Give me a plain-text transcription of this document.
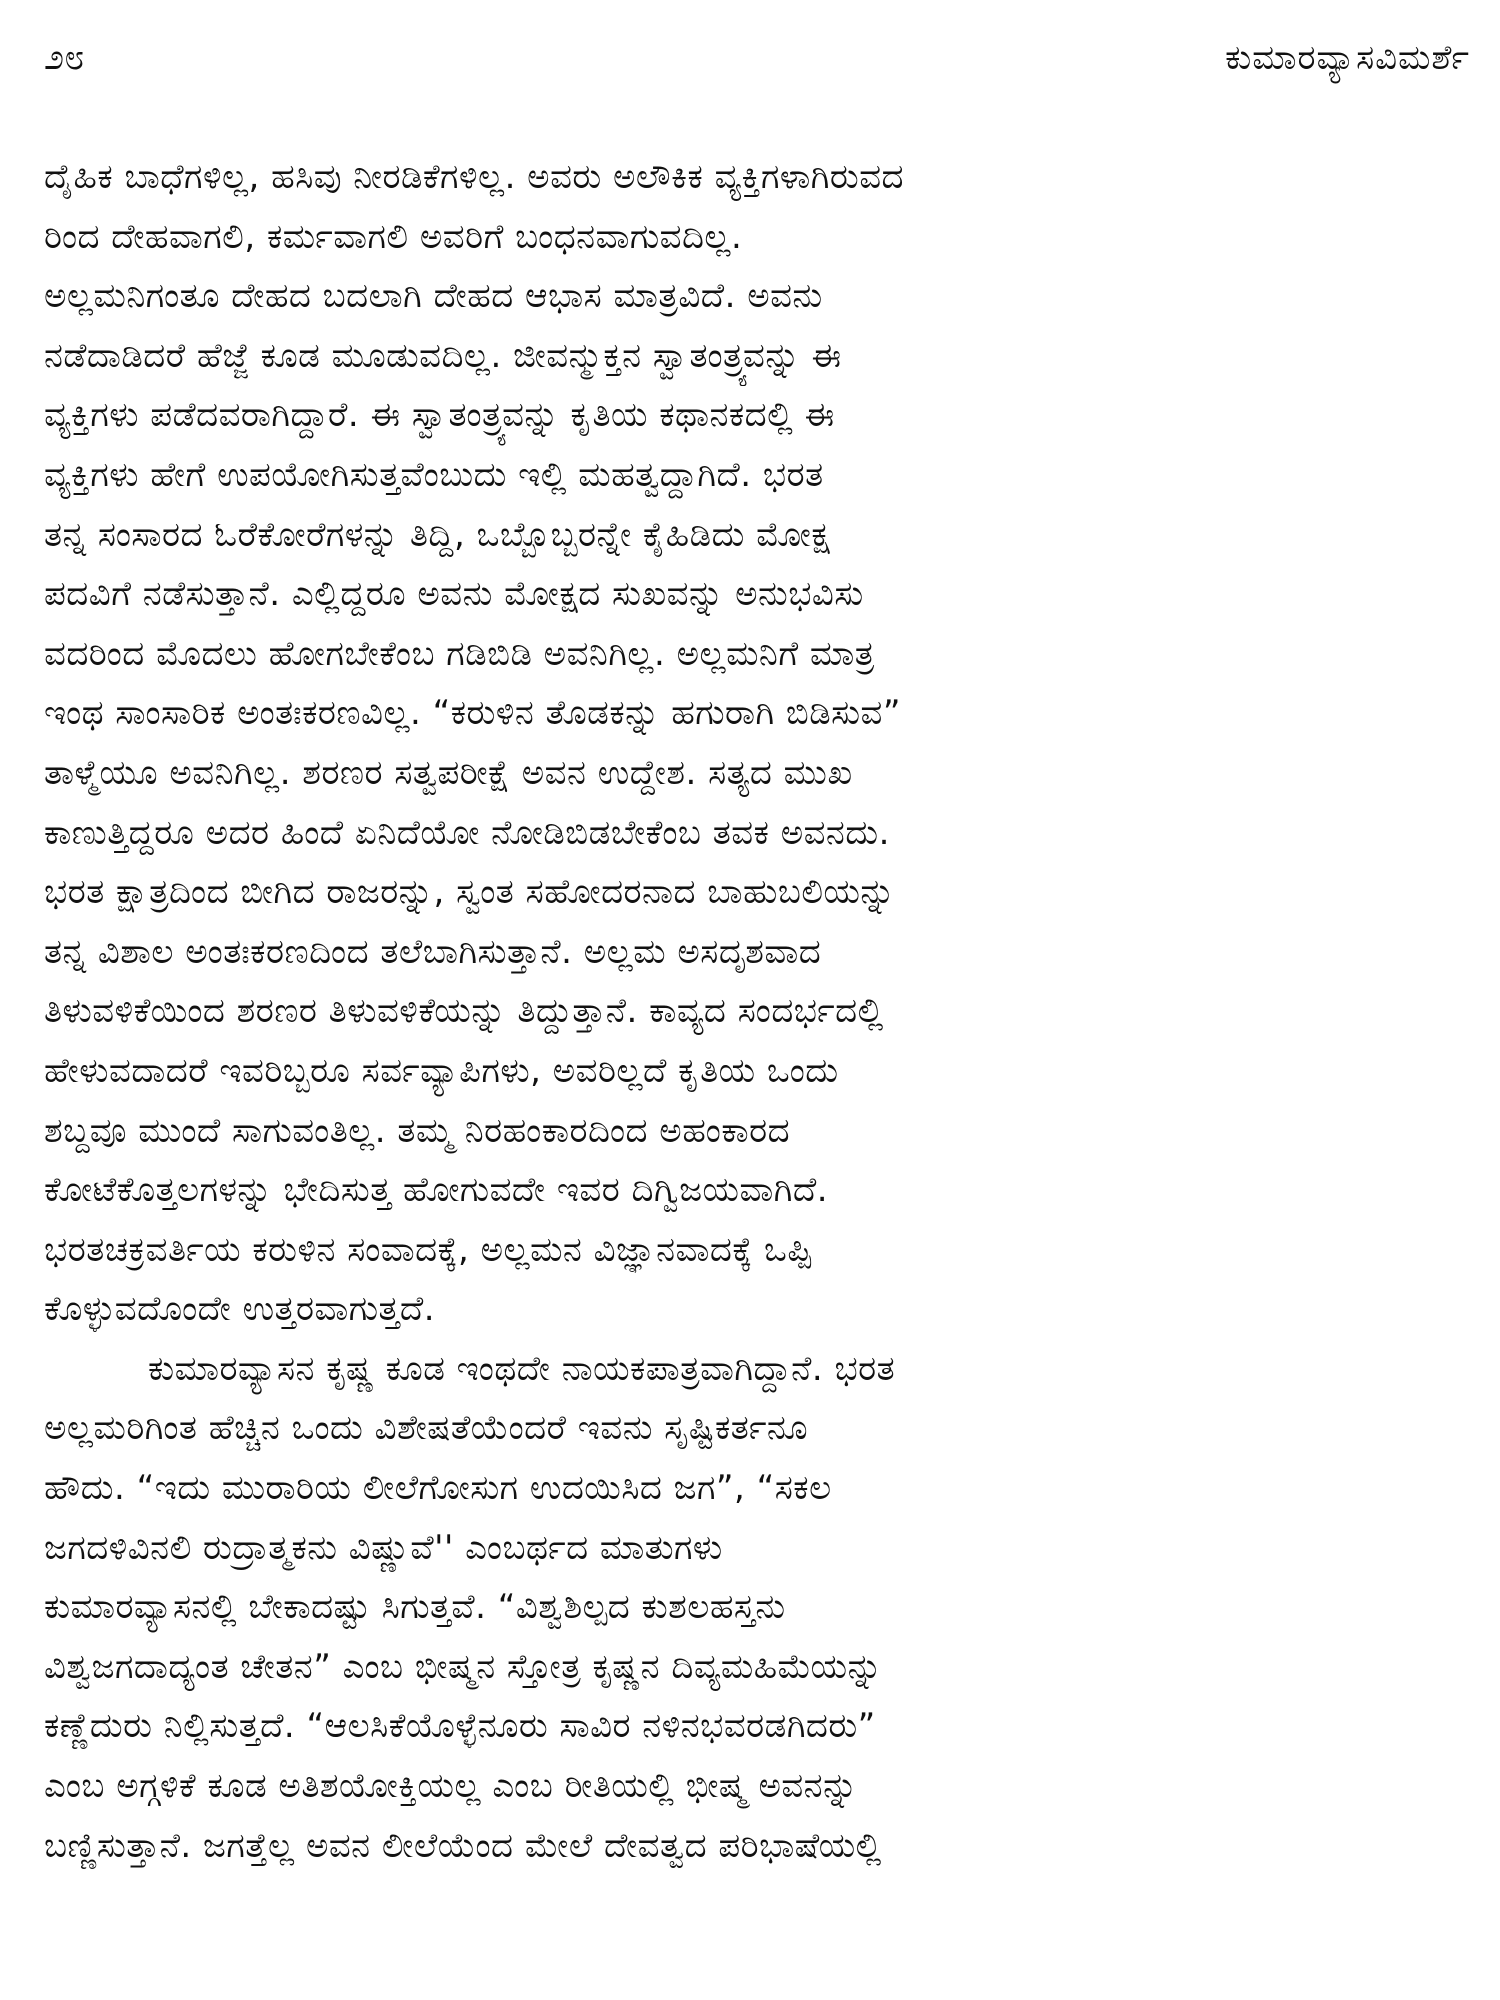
೨೮	ಕುಮಾರವ್ಯಾಸವಿಮರ್ಶೆ
ದೈಹಿಕ ಬಾಧೆಗಳಿಲ್ಲ, ಹಸಿವು ನೀರಡಿಕೆಗಳಿಲ್ಲ. ಅವರು ಅಲೌಕಿಕ ವ್ಯಕ್ತಿಗಳಾಗಿರುವದ
ರಿಂದ ದೇಹವಾಗಲಿ, ಕರ್ಮವಾಗಲಿ ಅವರಿಗೆ ಬಂಧನವಾಗುವದಿಲ್ಲ.
ಅಲ್ಲಮನಿಗಂತೂ ದೇಹದ ಬದಲಾಗಿ ದೇಹದ ಆಭಾಸ ಮಾತ್ರವಿದೆ. ಅವನು
ನಡೆದಾಡಿದರೆ ಹೆಜ್ಜೆ ಕೂಡ ಮೂಡುವದಿಲ್ಲ. ಜೀವನ್ಮುಕ್ತನ ಸ್ವಾತಂತ್ರ್ಯವನ್ನು ಈ
ವ್ಯಕ್ತಿಗಳು ಪಡೆದವರಾಗಿದ್ದಾರೆ. ಈ ಸ್ವಾತಂತ್ರ್ಯವನ್ನು ಕೃತಿಯ ಕಥಾನಕದಲ್ಲಿ ಈ
ವ್ಯಕ್ತಿಗಳು ಹೇಗೆ ಉಪಯೋಗಿಸುತ್ತವೆಂಬುದು ಇಲ್ಲಿ ಮಹತ್ವದ್ದಾಗಿದೆ. ಭರತ
ತನ್ನ ಸಂಸಾರದ ಓರೆಕೋರೆಗಳನ್ನು ತಿದ್ದಿ, ಒಬ್ಬೊಬ್ಬರನ್ನೇ ಕೈಹಿಡಿದು ಮೋಕ್ಷ
ಪದವಿಗೆ ನಡೆಸುತ್ತಾನೆ. ಎಲ್ಲಿದ್ದರೂ ಅವನು ಮೋಕ್ಷದ ಸುಖವನ್ನು ಅನುಭವಿಸು
ವದರಿಂದ ಮೊದಲು ಹೋಗಬೇಕೆಂಬ ಗಡಿಬಿಡಿ ಅವನಿಗಿಲ್ಲ. ಅಲ್ಲಮನಿಗೆ ಮಾತ್ರ
ಇಂಥ ಸಾಂಸಾರಿಕ ಅಂತಃಕರಣವಿಲ್ಲ. “ಕರುಳಿನ ತೊಡಕನ್ನು ಹಗುರಾಗಿ ಬಿಡಿಸುವ”
ತಾಳ್ಮೆಯೂ ಅವನಿಗಿಲ್ಲ. ಶರಣರ ಸತ್ವಪರೀಕ್ಷೆ ಅವನ ಉದ್ದೇಶ. ಸತ್ಯದ ಮುಖ
ಕಾಣುತ್ತಿದ್ದರೂ ಅದರ ಹಿಂದೆ ಏನಿದೆಯೋ ನೋಡಿಬಿಡಬೇಕೆಂಬ ತವಕ ಅವನದು.
ಭರತ ಕ್ಷಾತ್ರದಿಂದ ಬೀಗಿದ ರಾಜರನ್ನು, ಸ್ವಂತ ಸಹೋದರನಾದ ಬಾಹುಬಲಿಯನ್ನು
ತನ್ನ ವಿಶಾಲ ಅಂತಃಕರಣದಿಂದ ತಲೆಬಾಗಿಸುತ್ತಾನೆ. ಅಲ್ಲಮ ಅಸದೃಶವಾದ
ತಿಳುವಳಿಕೆಯಿಂದ ಶರಣರ ತಿಳುವಳಿಕೆಯನ್ನು ತಿದ್ದುತ್ತಾನೆ. ಕಾವ್ಯದ ಸಂದರ್ಭದಲ್ಲಿ
ಹೇಳುವದಾದರೆ ಇವರಿಬ್ಬರೂ ಸರ್ವವ್ಯಾಪಿಗಳು, ಅವರಿಲ್ಲದೆ ಕೃತಿಯ ಒಂದು
ಶಬ್ದವೂ ಮುಂದೆ ಸಾಗುವಂತಿಲ್ಲ. ತಮ್ಮ ನಿರಹಂಕಾರದಿಂದ ಅಹಂಕಾರದ
ಕೋಟೆಕೊತ್ತಲಗಳನ್ನು ಭೇದಿಸುತ್ತ ಹೋಗುವದೇ ಇವರ ದಿಗ್ವಿಜಯವಾಗಿದೆ.
ಭರತಚಕ್ರವರ್ತಿಯ ಕರುಳಿನ ಸಂವಾದಕ್ಕೆ, ಅಲ್ಲಮನ ವಿಜ್ಞಾನವಾದಕ್ಕೆ ಒಪ್ಪಿ
ಕೊಳ್ಳುವದೊಂದೇ ಉತ್ತರವಾಗುತ್ತದೆ.
ಕುಮಾರವ್ಯಾಸನ ಕೃಷ್ಣ ಕೂಡ ಇಂಥದೇ ನಾಯಕಪಾತ್ರವಾಗಿದ್ದಾನೆ. ಭರತ
ಅಲ್ಲಮರಿಗಿಂತ ಹೆಚ್ಚಿನ ಒಂದು ವಿಶೇಷತೆಯೆಂದರೆ ಇವನು ಸೃಷ್ಟಿಕರ್ತನೂ
ಹೌದು. “ಇದು ಮುರಾರಿಯ ಲೀಲೆಗೋಸುಗ ಉದಯಿಸಿದ ಜಗ”, “ಸಕಲ
ಜಗದಳಿವಿನಲಿ ರುದ್ರಾತ್ಮಕನು ವಿಷ್ಣುವೆ'' ಎಂಬರ್ಥದ ಮಾತುಗಳು
ಕುಮಾರವ್ಯಾಸನಲ್ಲಿ ಬೇಕಾದಷ್ಟು ಸಿಗುತ್ತವೆ. “ವಿಶ್ವಶಿಲ್ಪದ ಕುಶಲಹಸ್ತನು
ವಿಶ್ವಜಗದಾದ್ಯಂತ ಚೇತನ” ಎಂಬ ಭೀಷ್ಮನ ಸ್ತೋತ್ರ ಕೃಷ್ಣನ ದಿವ್ಯಮಹಿಮೆಯನ್ನು
ಕಣ್ಣೆದುರು ನಿಲ್ಲಿಸುತ್ತದೆ. “ಆಲಸಿಕೆಯೊಳ್ಳೆನೂರು ಸಾವಿರ ನಳಿನಭವರಡಗಿದರು”
ಎಂಬ ಅಗ್ಗಳಿಕೆ ಕೂಡ ಅತಿಶಯೋಕ್ತಿಯಲ್ಲ ಎಂಬ ರೀತಿಯಲ್ಲಿ ಭೀಷ್ಮ ಅವನನ್ನು
ಬಣ್ಣಿಸುತ್ತಾನೆ. ಜಗತ್ತೆಲ್ಲ ಅವನ ಲೀಲೆಯೆಂದ ಮೇಲೆ ದೇವತ್ವದ ಪರಿಭಾಷೆಯಲ್ಲಿ
